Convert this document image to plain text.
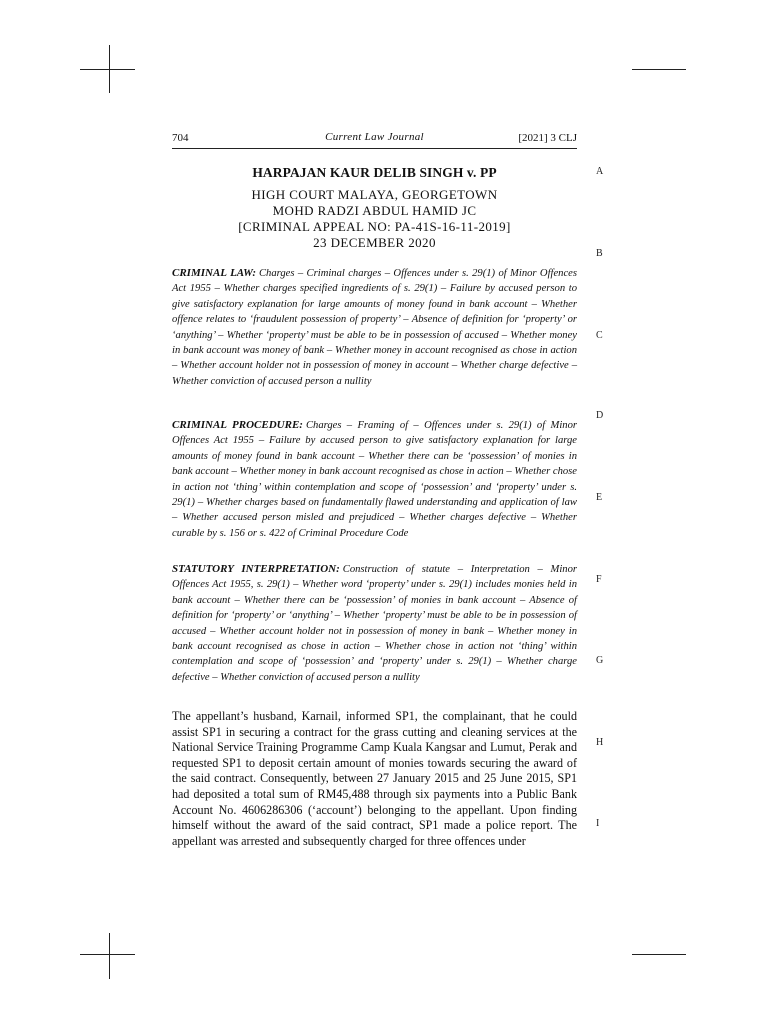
704	Current Law Journal	[2021] 3 CLJ
HARPAJAN KAUR DELIB SINGH v. PP
HIGH COURT MALAYA, GEORGETOWN
MOHD RADZI ABDUL HAMID JC
[CRIMINAL APPEAL NO: PA-41S-16-11-2019]
23 DECEMBER 2020
CRIMINAL LAW: Charges – Criminal charges – Offences under s. 29(1) of Minor Offences Act 1955 – Whether charges specified ingredients of s. 29(1) – Failure by accused person to give satisfactory explanation for large amounts of money found in bank account – Whether offence relates to ‘fraudulent possession of property’ – Absence of definition for ‘property’ or ‘anything’ – Whether ‘property’ must be able to be in possession of accused – Whether money in bank account was money of bank – Whether money in account recognised as chose in action – Whether account holder not in possession of money in account – Whether charge defective – Whether conviction of accused person a nullity
CRIMINAL PROCEDURE: Charges – Framing of – Offences under s. 29(1) of Minor Offences Act 1955 – Failure by accused person to give satisfactory explanation for large amounts of money found in bank account – Whether there can be ‘possession’ of monies in bank account – Whether money in bank account recognised as chose in action – Whether chose in action not ‘thing’ within contemplation and scope of ‘possession’ and ‘property’ under s. 29(1) – Whether charges based on fundamentally flawed understanding and application of law – Whether accused person misled and prejudiced – Whether charges defective – Whether curable by s. 156 or s. 422 of Criminal Procedure Code
STATUTORY INTERPRETATION: Construction of statute – Interpretation – Minor Offences Act 1955, s. 29(1) – Whether word ‘property’ under s. 29(1) includes monies held in bank account – Whether there can be ‘possession’ of monies in bank account – Absence of definition for ‘property’ or ‘anything’ – Whether ‘property’ must be able to be in possession of accused – Whether account holder not in possession of money in bank – Whether money in bank account recognised as chose in action – Whether chose in action not ‘thing’ within contemplation and scope of ‘possession’ and ‘property’ under s. 29(1) – Whether charge defective – Whether conviction of accused person a nullity
The appellant’s husband, Karnail, informed SP1, the complainant, that he could assist SP1 in securing a contract for the grass cutting and cleaning services at the National Service Training Programme Camp Kuala Kangsar and Lumut, Perak and requested SP1 to deposit certain amount of monies towards securing the award of the said contract. Consequently, between 27 January 2015 and 25 June 2015, SP1 had deposited a total sum of RM45,488 through six payments into a Public Bank Account No. 4606286306 (‘account’) belonging to the appellant. Upon finding himself without the award of the said contract, SP1 made a police report. The appellant was arrested and subsequently charged for three offences under
A
B
C
D
E
F
G
H
I
